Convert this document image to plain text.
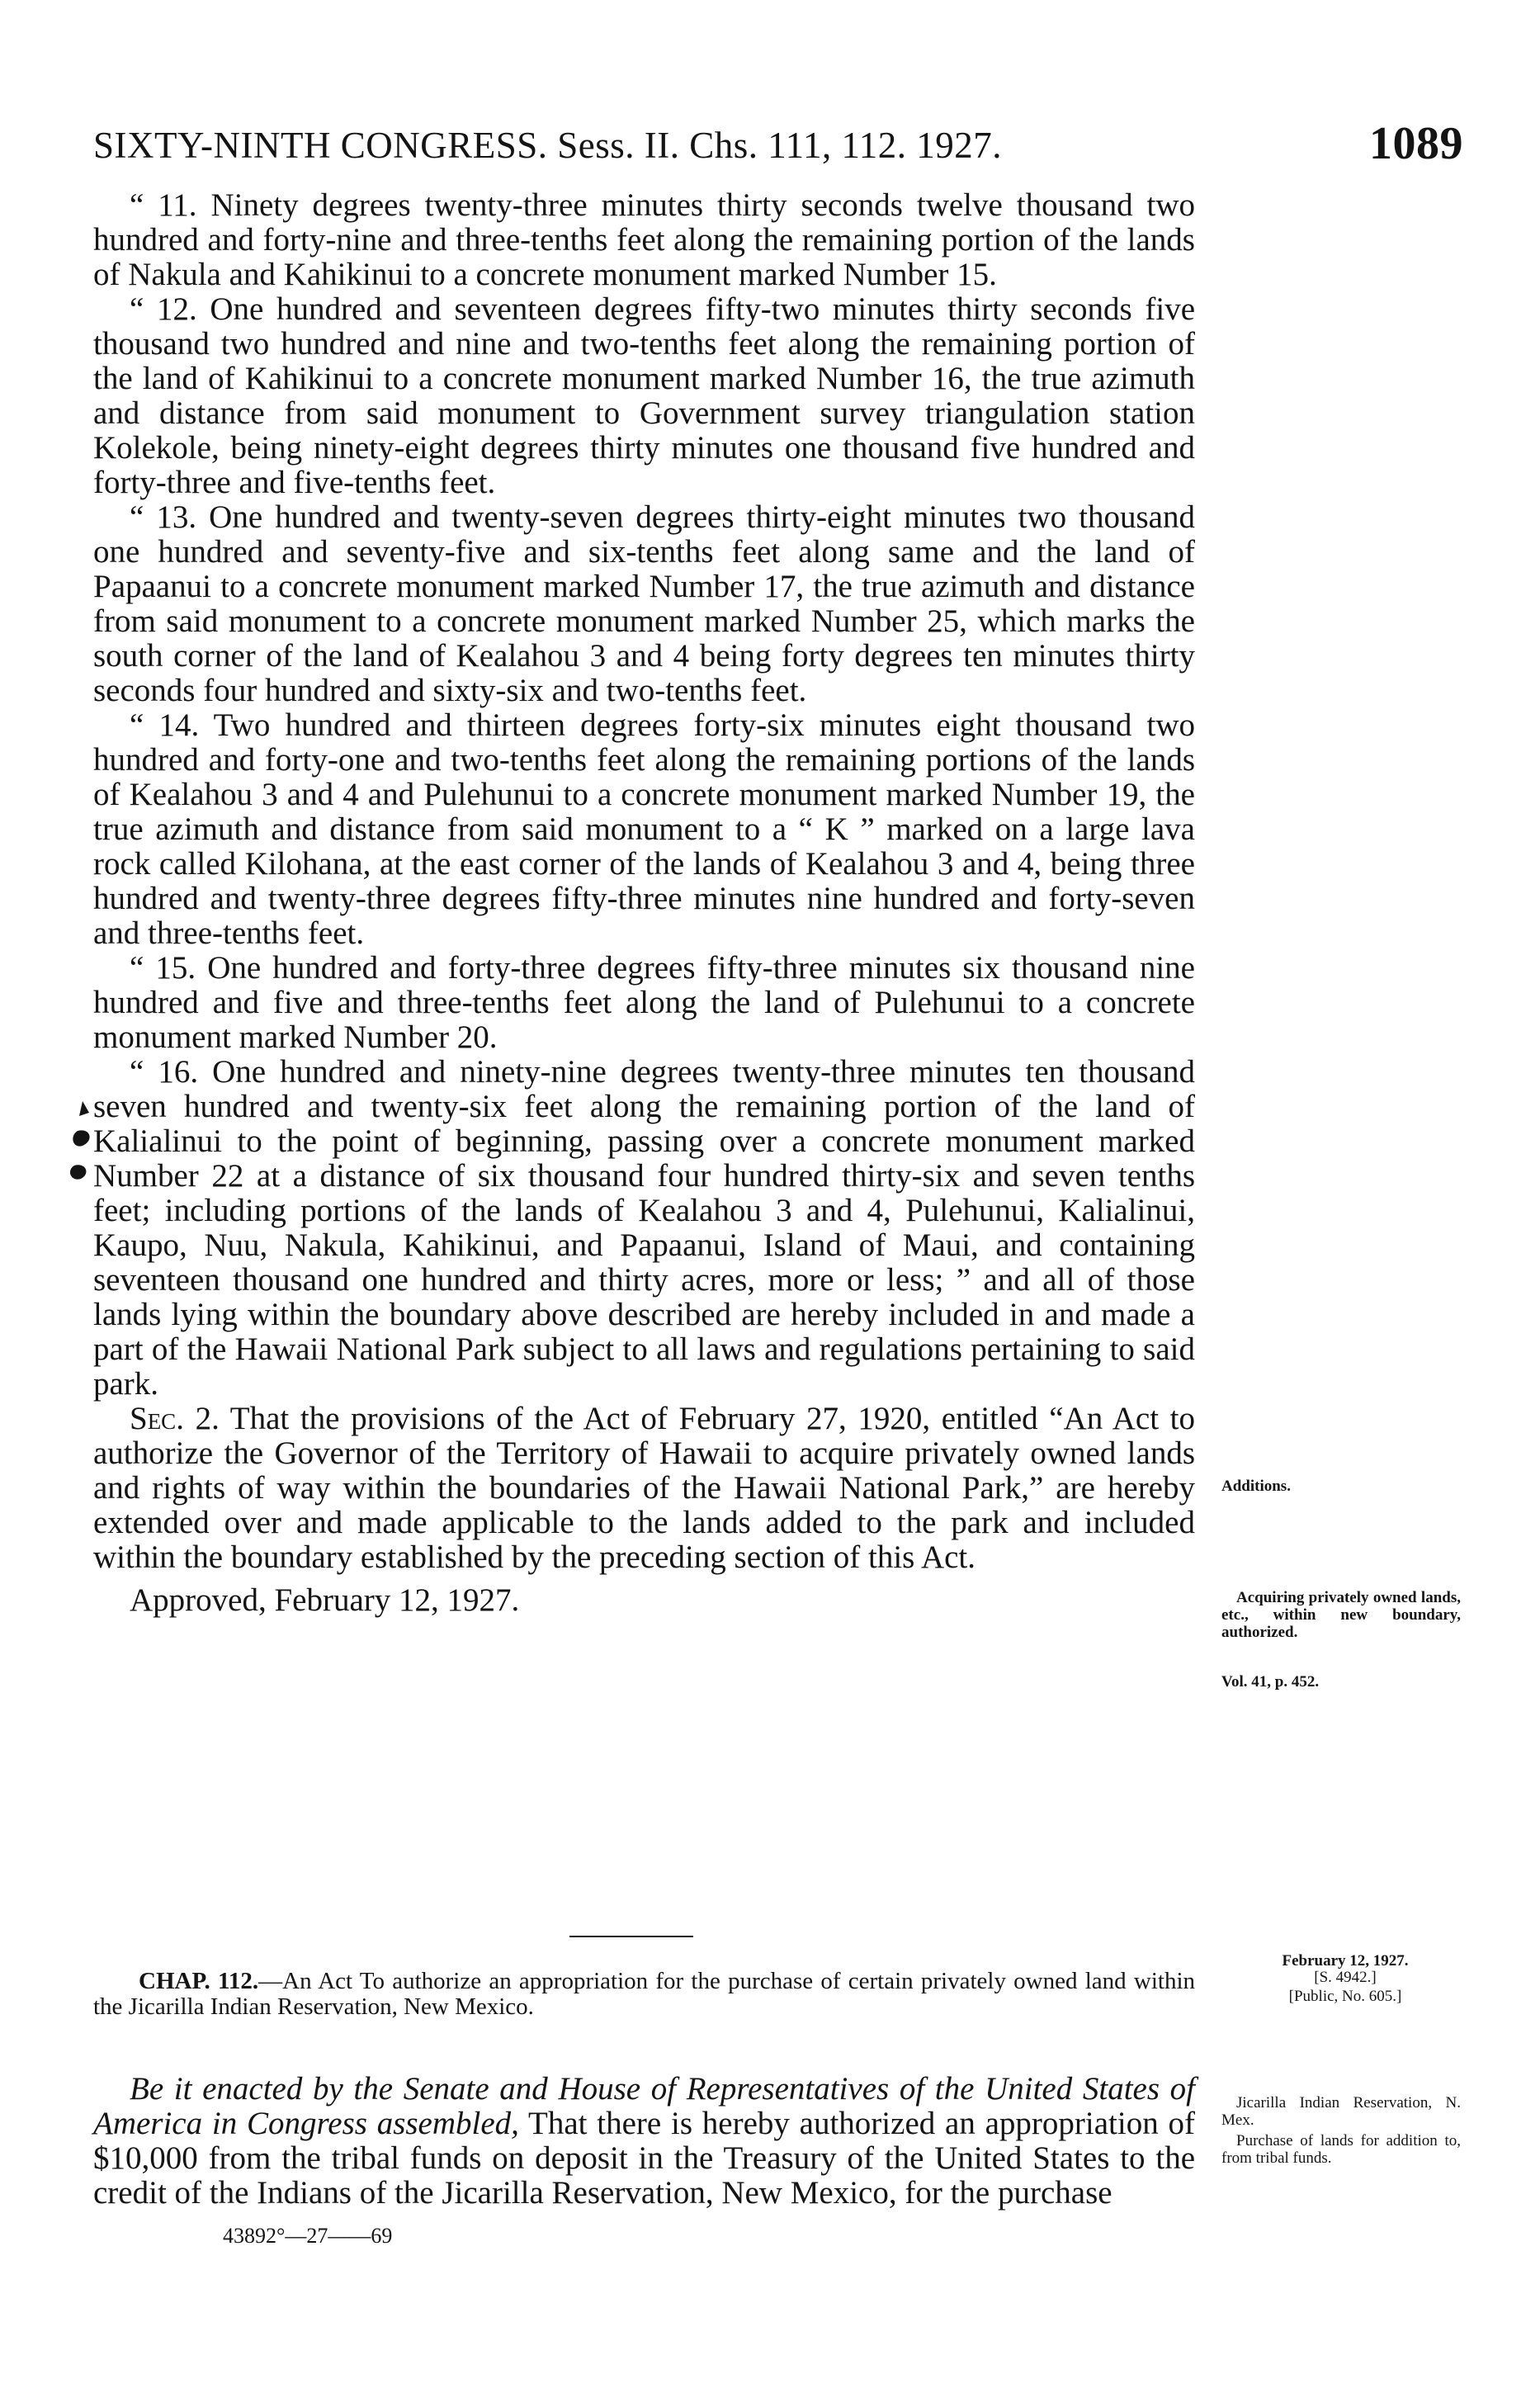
SIXTY-NINTH CONGRESS. Sess. II. Chs. 111, 112. 1927.	1089

“ 11. Ninety degrees twenty-three minutes thirty seconds twelve thousand two hundred and forty-nine and three-tenths feet along the remaining portion of the lands of Nakula and Kahikinui to a concrete monument marked Number 15.

“ 12. One hundred and seventeen degrees fifty-two minutes thirty seconds five thousand two hundred and nine and two-tenths feet along the remaining portion of the land of Kahikinui to a concrete monument marked Number 16, the true azimuth and distance from said monument to Government survey triangulation station Kolekole, being ninety-eight degrees thirty minutes one thousand five hundred and forty-three and five-tenths feet.

“ 13. One hundred and twenty-seven degrees thirty-eight minutes two thousand one hundred and seventy-five and six-tenths feet along same and the land of Papaanui to a concrete monument marked Number 17, the true azimuth and distance from said monument to a concrete monument marked Number 25, which marks the south corner of the land of Kealahou 3 and 4 being forty degrees ten minutes thirty seconds four hundred and sixty-six and two-tenths feet.

“ 14. Two hundred and thirteen degrees forty-six minutes eight thousand two hundred and forty-one and two-tenths feet along the remaining portions of the lands of Kealahou 3 and 4 and Pulehunui to a concrete monument marked Number 19, the true azimuth and distance from said monument to a “ K ” marked on a large lava rock called Kilohana, at the east corner of the lands of Kealahou 3 and 4, being three hundred and twenty-three degrees fifty-three minutes nine hundred and forty-seven and three-tenths feet.

“ 15. One hundred and forty-three degrees fifty-three minutes six thousand nine hundred and five and three-tenths feet along the land of Pulehunui to a concrete monument marked Number 20.

“ 16. One hundred and ninety-nine degrees twenty-three minutes ten thousand seven hundred and twenty-six feet along the remaining portion of the land of Kalialinui to the point of beginning, passing over a concrete monument marked Number 22 at a distance of six thousand four hundred thirty-six and seven tenths feet; including portions of the lands of Kealahou 3 and 4, Pulehunui, Kalialinui, Kaupo, Nuu, Nakula, Kahikinui, and Papaanui, Island of Maui, and containing seventeen thousand one hundred and thirty acres, more or less; ” and all of those lands lying within the boundary above described are hereby included in and made a part of the Hawaii National Park subject to all laws and regulations pertaining to said park.

Sec. 2. That the provisions of the Act of February 27, 1920, entitled “An Act to authorize the Governor of the Territory of Hawaii to acquire privately owned lands and rights of way within the boundaries of the Hawaii National Park,” are hereby extended over and made applicable to the lands added to the park and included within the boundary established by the preceding section of this Act.

Approved, February 12, 1927.

CHAP. 112.—An Act To authorize an appropriation for the purchase of certain privately owned land within the Jicarilla Indian Reservation, New Mexico.

Be it enacted by the Senate and House of Representatives of the United States of America in Congress assembled, That there is hereby authorized an appropriation of $10,000 from the tribal funds on deposit in the Treasury of the United States to the credit of the Indians of the Jicarilla Reservation, New Mexico, for the purchase

43892°—27——69
Additions.
Acquiring privately owned lands, etc., within new boundary, authorized.
Vol. 41, p. 452.
February 12, 1927.
[S. 4942.]
[Public, No. 605.]
Jicarilla Indian Reservation, N. Mex.
Purchase of lands for addition to, from tribal funds.
